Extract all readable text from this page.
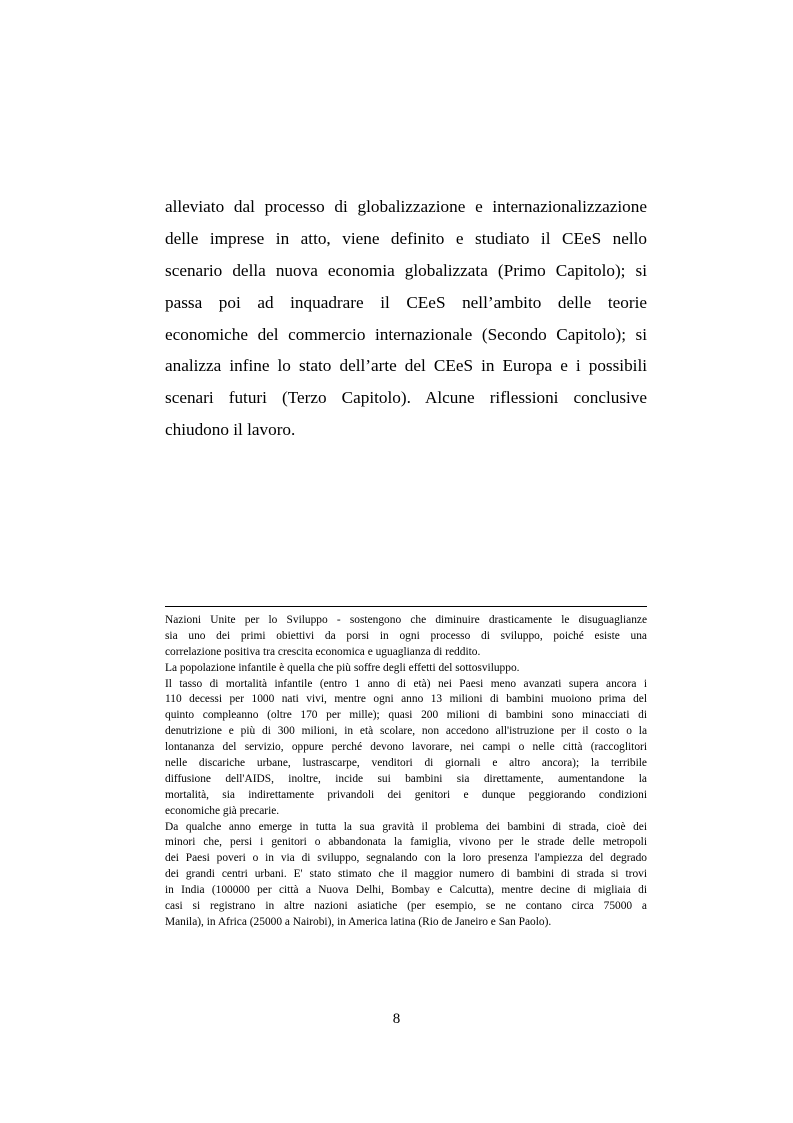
alleviato dal processo di globalizzazione e internazionalizzazione
delle imprese in atto, viene definito e studiato il CEeS nello
scenario della nuova economia globalizzata (Primo Capitolo); si
passa poi ad inquadrare il CEeS nell’ambito delle teorie
economiche del commercio internazionale (Secondo Capitolo); si
analizza infine lo stato dell’arte del CEeS in Europa e i possibili
scenari futuri (Terzo Capitolo). Alcune riflessioni conclusive
chiudono il lavoro.
Nazioni Unite per lo Sviluppo - sostengono che diminuire drasticamente le disuguaglianze
sia uno dei primi obiettivi da porsi in ogni processo di sviluppo, poiché esiste una
correlazione positiva tra crescita economica e uguaglianza di reddito.
La popolazione infantile è quella che più soffre degli effetti del sottosviluppo.
Il tasso di mortalità infantile (entro 1 anno di età) nei Paesi meno avanzati supera ancora i
110 decessi per 1000 nati vivi, mentre ogni anno 13 milioni di bambini muoiono prima del
quinto compleanno (oltre 170 per mille); quasi 200 milioni di bambini sono minacciati di
denutrizione e più di 300 milioni, in età scolare, non accedono all'istruzione per il costo o la
lontananza del servizio, oppure perché devono lavorare, nei campi o nelle città (raccoglitori
nelle discariche urbane, lustrascarpe, venditori di giornali e altro ancora); la terribile
diffusione dell'AIDS, inoltre, incide sui bambini sia direttamente, aumentandone la
mortalità, sia indirettamente privandoli dei genitori e dunque peggiorando condizioni
economiche già precarie.
Da qualche anno emerge in tutta la sua gravità il problema dei bambini di strada, cioè dei
minori che, persi i genitori o abbandonata la famiglia, vivono per le strade delle metropoli
dei Paesi poveri o in via di sviluppo, segnalando con la loro presenza l'ampiezza del degrado
dei grandi centri urbani. E' stato stimato che il maggior numero di bambini di strada si trovi
in India (100000 per città a Nuova Delhi, Bombay e Calcutta), mentre decine di migliaia di
casi si registrano in altre nazioni asiatiche (per esempio, se ne contano circa 75000 a
Manila), in Africa (25000 a Nairobi), in America latina (Rio de Janeiro e San Paolo).
8
